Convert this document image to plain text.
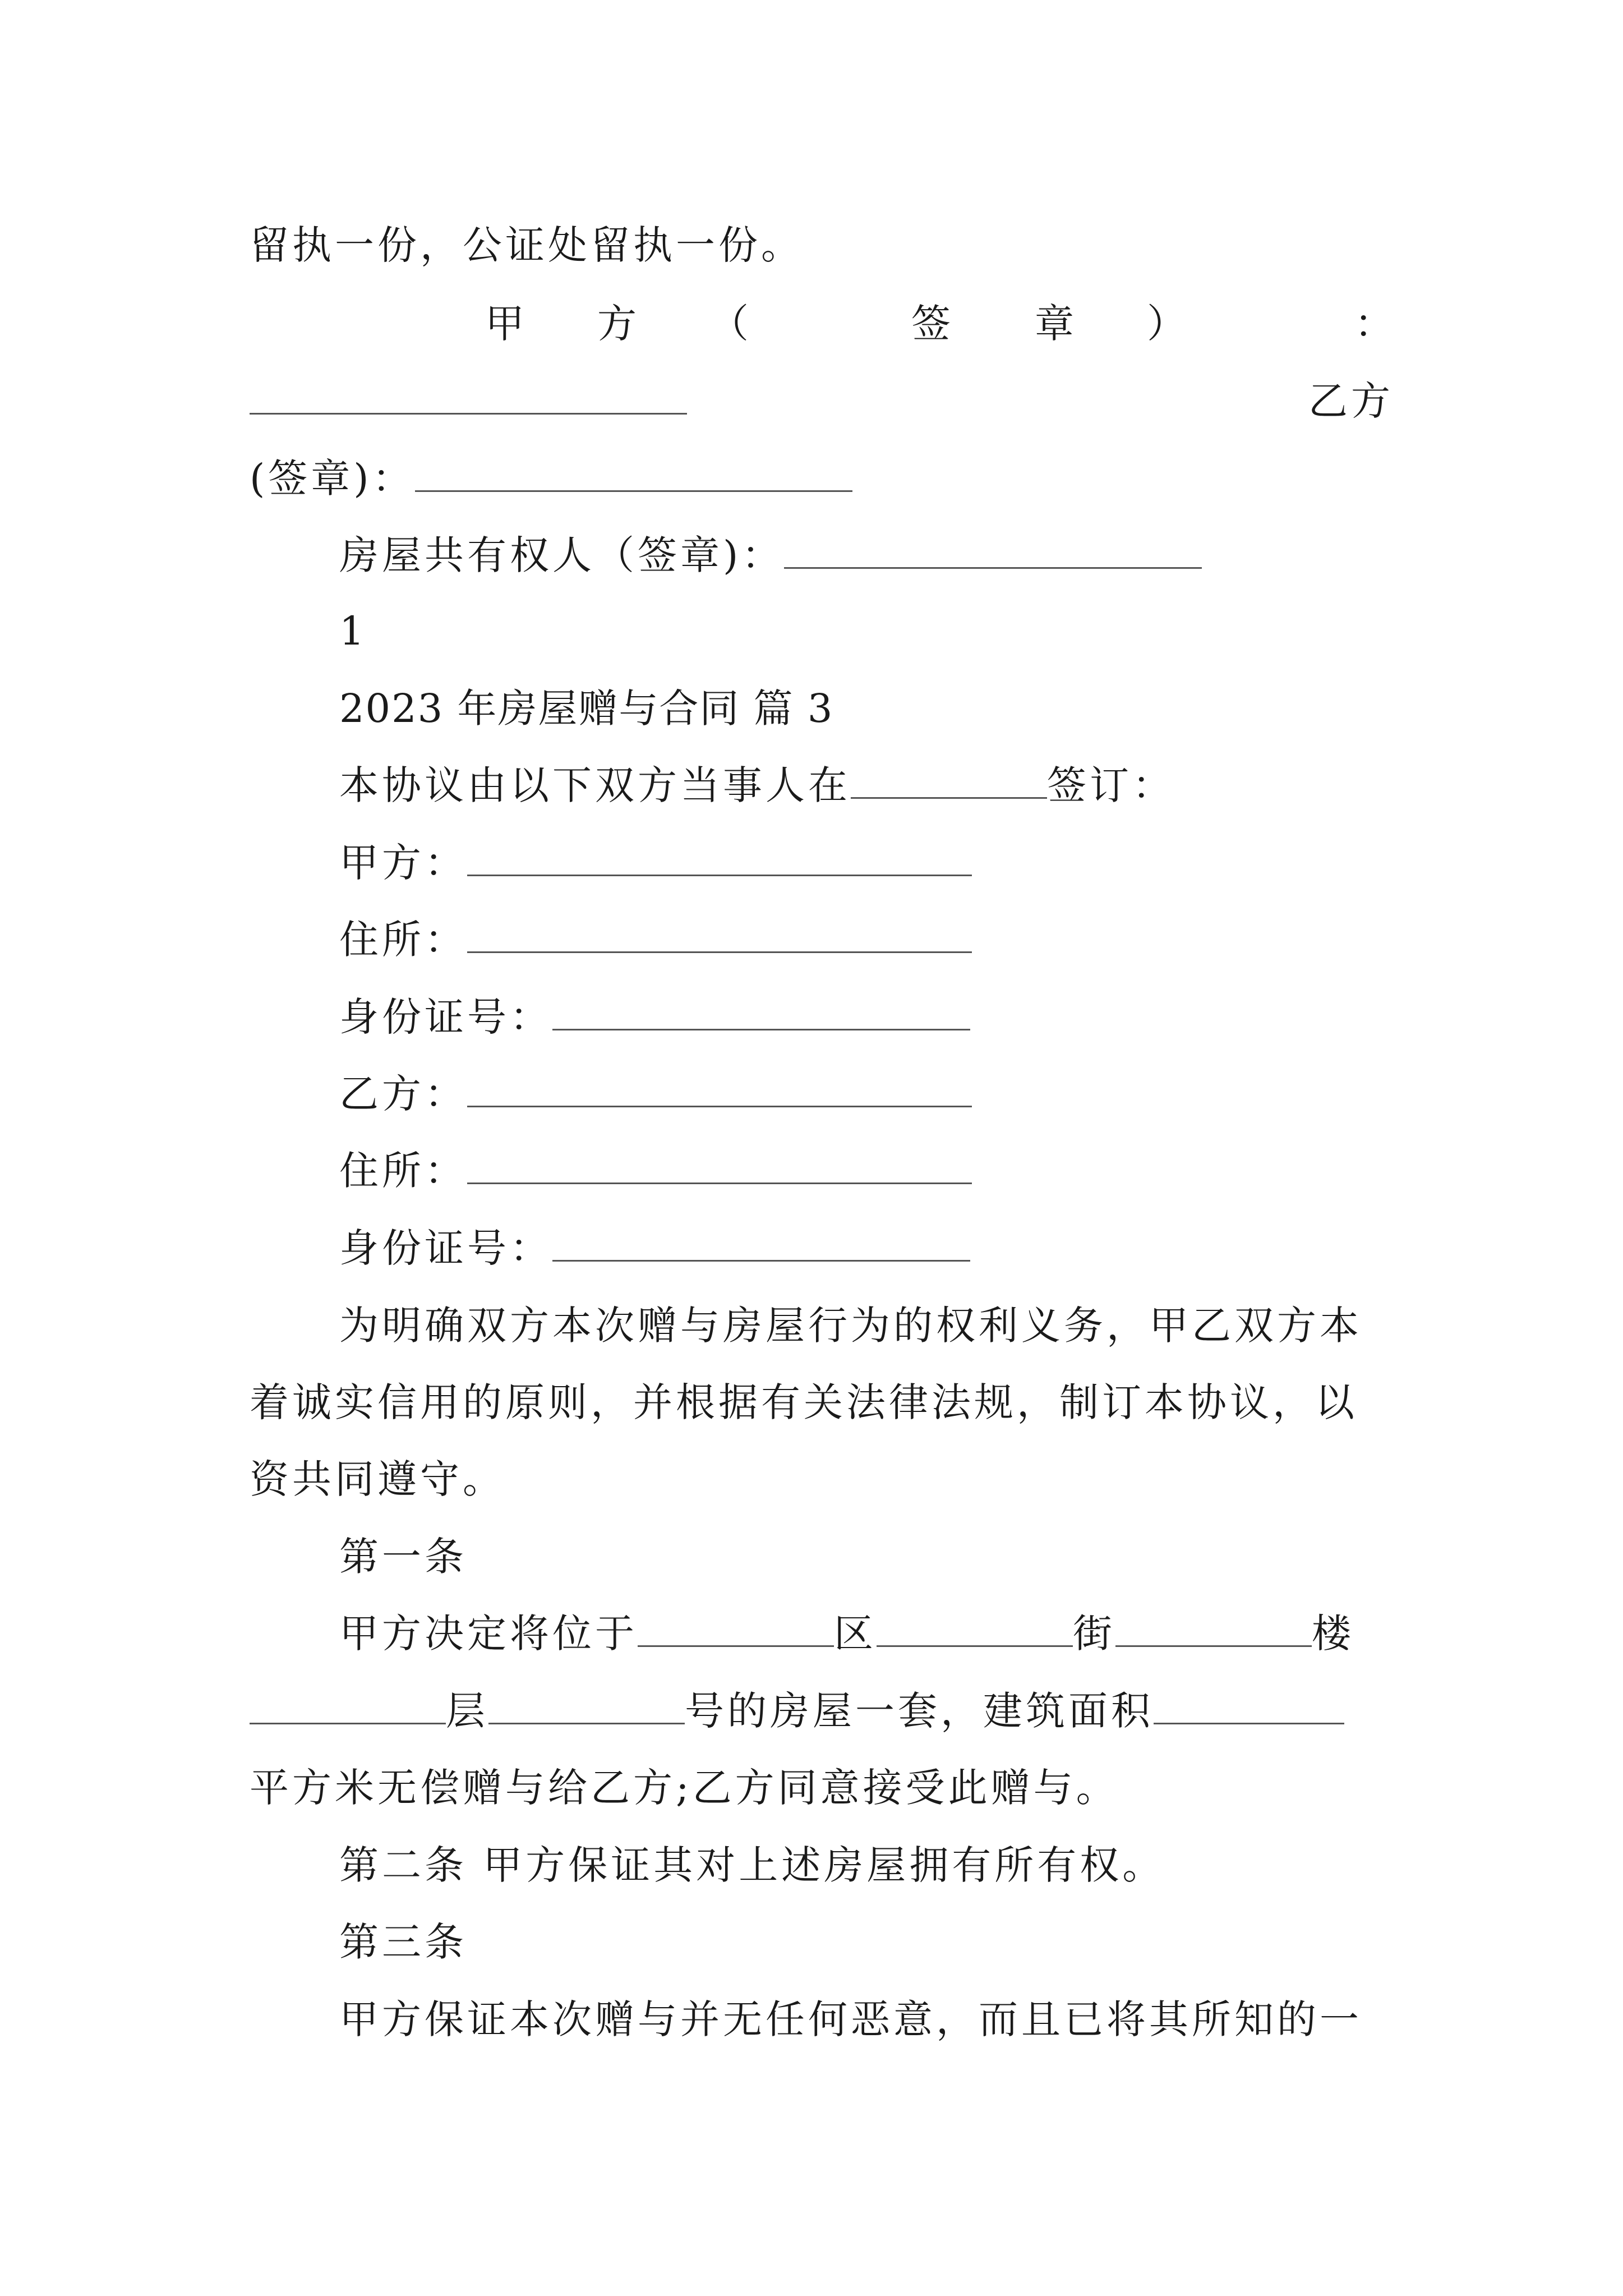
留执一份，公证处留执一份。
甲 方 （	签 章 ）	：
乙方
(签章)：
房屋共有权人（签章)：
1
2023 年房屋赠与合同 篇 3
本协议由以下双方当事人在	签订：
甲方：
住所：
身份证号：
乙方：
住所：
身份证号：
为明确双方本次赠与房屋行为的权利义务，甲乙双方本
着诚实信用的原则，并根据有关法律法规，制订本协议，以
资共同遵守。
第一条
甲方决定将位于	区	街	楼
层	号的房屋一套，建筑面积
平方米无偿赠与给乙方;乙方同意接受此赠与。
第二条 甲方保证其对上述房屋拥有所有权。
第三条
甲方保证本次赠与并无任何恶意，而且已将其所知的一
